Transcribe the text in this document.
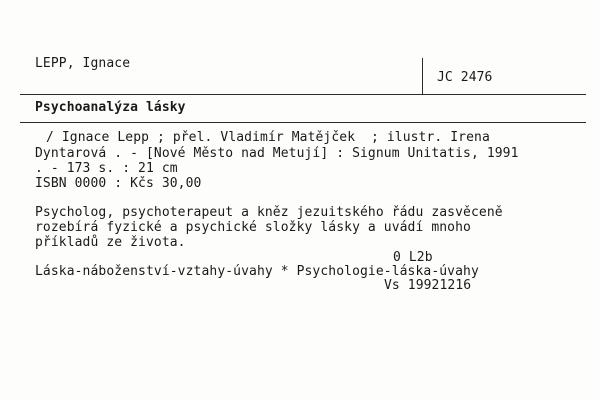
LEPP, Ignace
JC 2476
Psychoanalýza lásky
/ Ignace Lepp ; přel. Vladimír Matějček  ; ilustr. Irena
Dyntarová . - [Nové Město nad Metují] : Signum Unitatis, 1991
. - 173 s. : 21 cm
ISBN 0000 : Kčs 30,00
Psycholog, psychoterapeut a kněz jezuitského řádu zasvěceně
rozebírá fyzické a psychické složky lásky a uvádí mnoho
příkladů ze života.
0 L2b
Láska-náboženství-vztahy-úvahy * Psychologie-láska-úvahy
Vs 19921216
